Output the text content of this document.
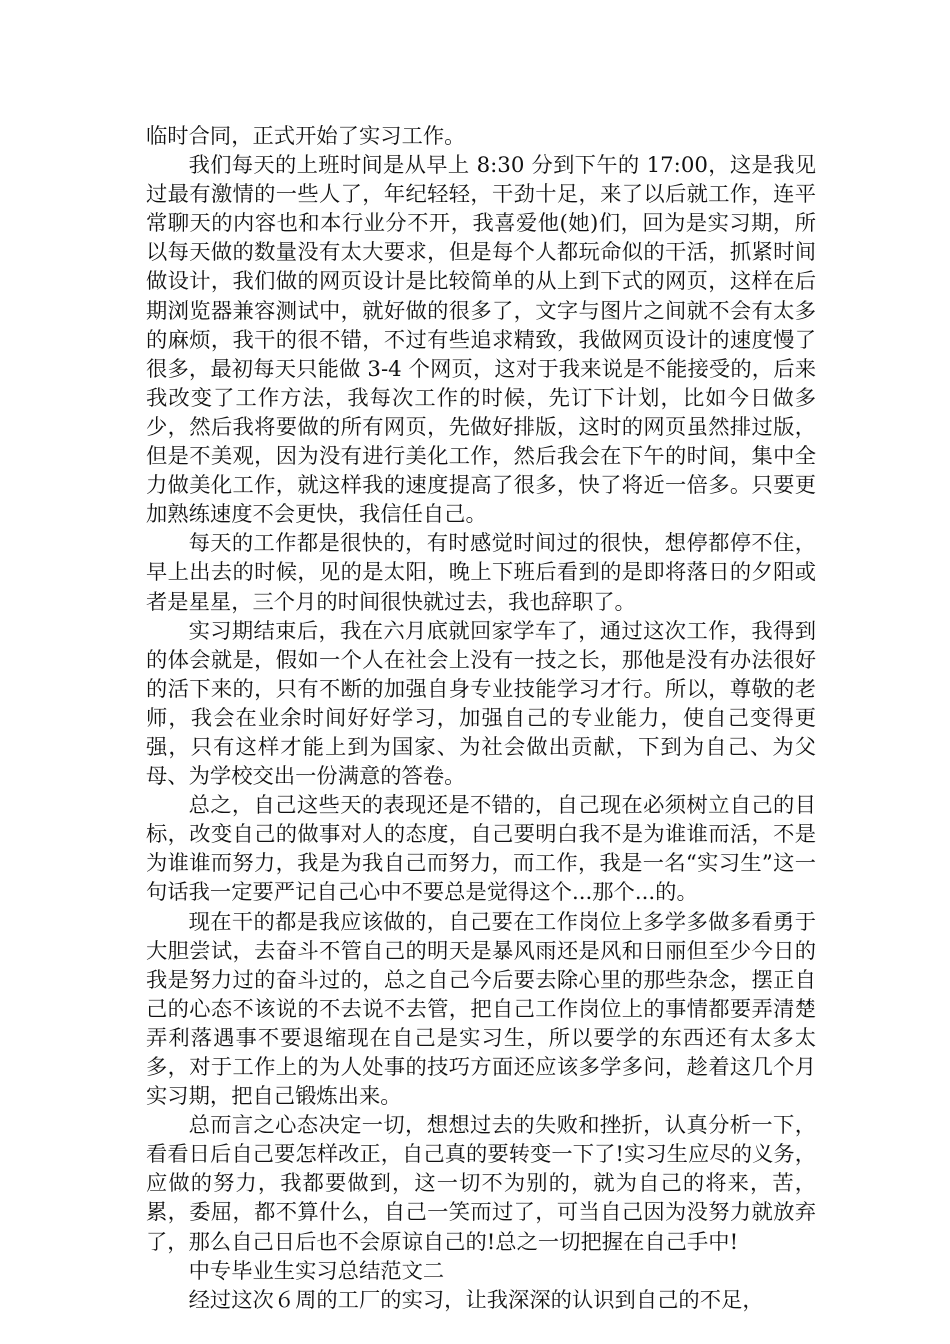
临时合同，正式开始了实习工作。

我们每天的上班时间是从早上 8:30 分到下午的 17:00，这是我见过最有激情的一些人了，年纪轻轻，干劲十足，来了以后就工作，连平常聊天的内容也和本行业分不开，我喜爱他(她)们，回为是实习期，所以每天做的数量没有太大要求，但是每个人都玩命似的干活，抓紧时间做设计，我们做的网页设计是比较简单的从上到下式的网页，这样在后期浏览器兼容测试中，就好做的很多了，文字与图片之间就不会有太多的麻烦，我干的很不错，不过有些追求精致，我做网页设计的速度慢了很多，最初每天只能做 3-4 个网页，这对于我来说是不能接受的，后来我改变了工作方法，我每次工作的时候，先订下计划，比如今日做多少，然后我将要做的所有网页，先做好排版，这时的网页虽然排过版，但是不美观，因为没有进行美化工作，然后我会在下午的时间，集中全力做美化工作，就这样我的速度提高了很多，快了将近一倍多。只要更加熟练速度不会更快，我信任自己。

每天的工作都是很快的，有时感觉时间过的很快，想停都停不住，早上出去的时候，见的是太阳，晚上下班后看到的是即将落日的夕阳或者是星星，三个月的时间很快就过去，我也辞职了。

实习期结束后，我在六月底就回家学车了，通过这次工作，我得到的体会就是，假如一个人在社会上没有一技之长，那他是没有办法很好的活下来的，只有不断的加强自身专业技能学习才行。所以，尊敬的老师，我会在业余时间好好学习，加强自己的专业能力，使自己变得更强，只有这样才能上到为国家、为社会做出贡献，下到为自己、为父母、为学校交出一份满意的答卷。

总之，自己这些天的表现还是不错的，自己现在必须树立自己的目标，改变自己的做事对人的态度，自己要明白我不是为谁谁而活，不是为谁谁而努力，我是为我自己而努力，而工作，我是一名“实习生”这一句话我一定要严记自己心中不要总是觉得这个...那个...的。

现在干的都是我应该做的，自己要在工作岗位上多学多做多看勇于大胆尝试，去奋斗不管自己的明天是暴风雨还是风和日丽但至少今日的我是努力过的奋斗过的，总之自己今后要去除心里的那些杂念，摆正自己的心态不该说的不去说不去管，把自己工作岗位上的事情都要弄清楚弄利落遇事不要退缩现在自己是实习生，所以要学的东西还有太多太多，对于工作上的为人处事的技巧方面还应该多学多问，趁着这几个月实习期，把自己锻炼出来。

总而言之心态决定一切，想想过去的失败和挫折，认真分析一下，看看日后自己要怎样改正，自己真的要转变一下了!实习生应尽的义务，应做的努力，我都要做到，这一切不为别的，就为自己的将来，苦，累，委屈，都不算什么，自己一笑而过了，可当自己因为没努力就放弃了，那么自己日后也不会原谅自己的!总之一切把握在自己手中!

中专毕业生实习总结范文二

经过这次６周的工厂的实习，让我深深的认识到自己的不足，
